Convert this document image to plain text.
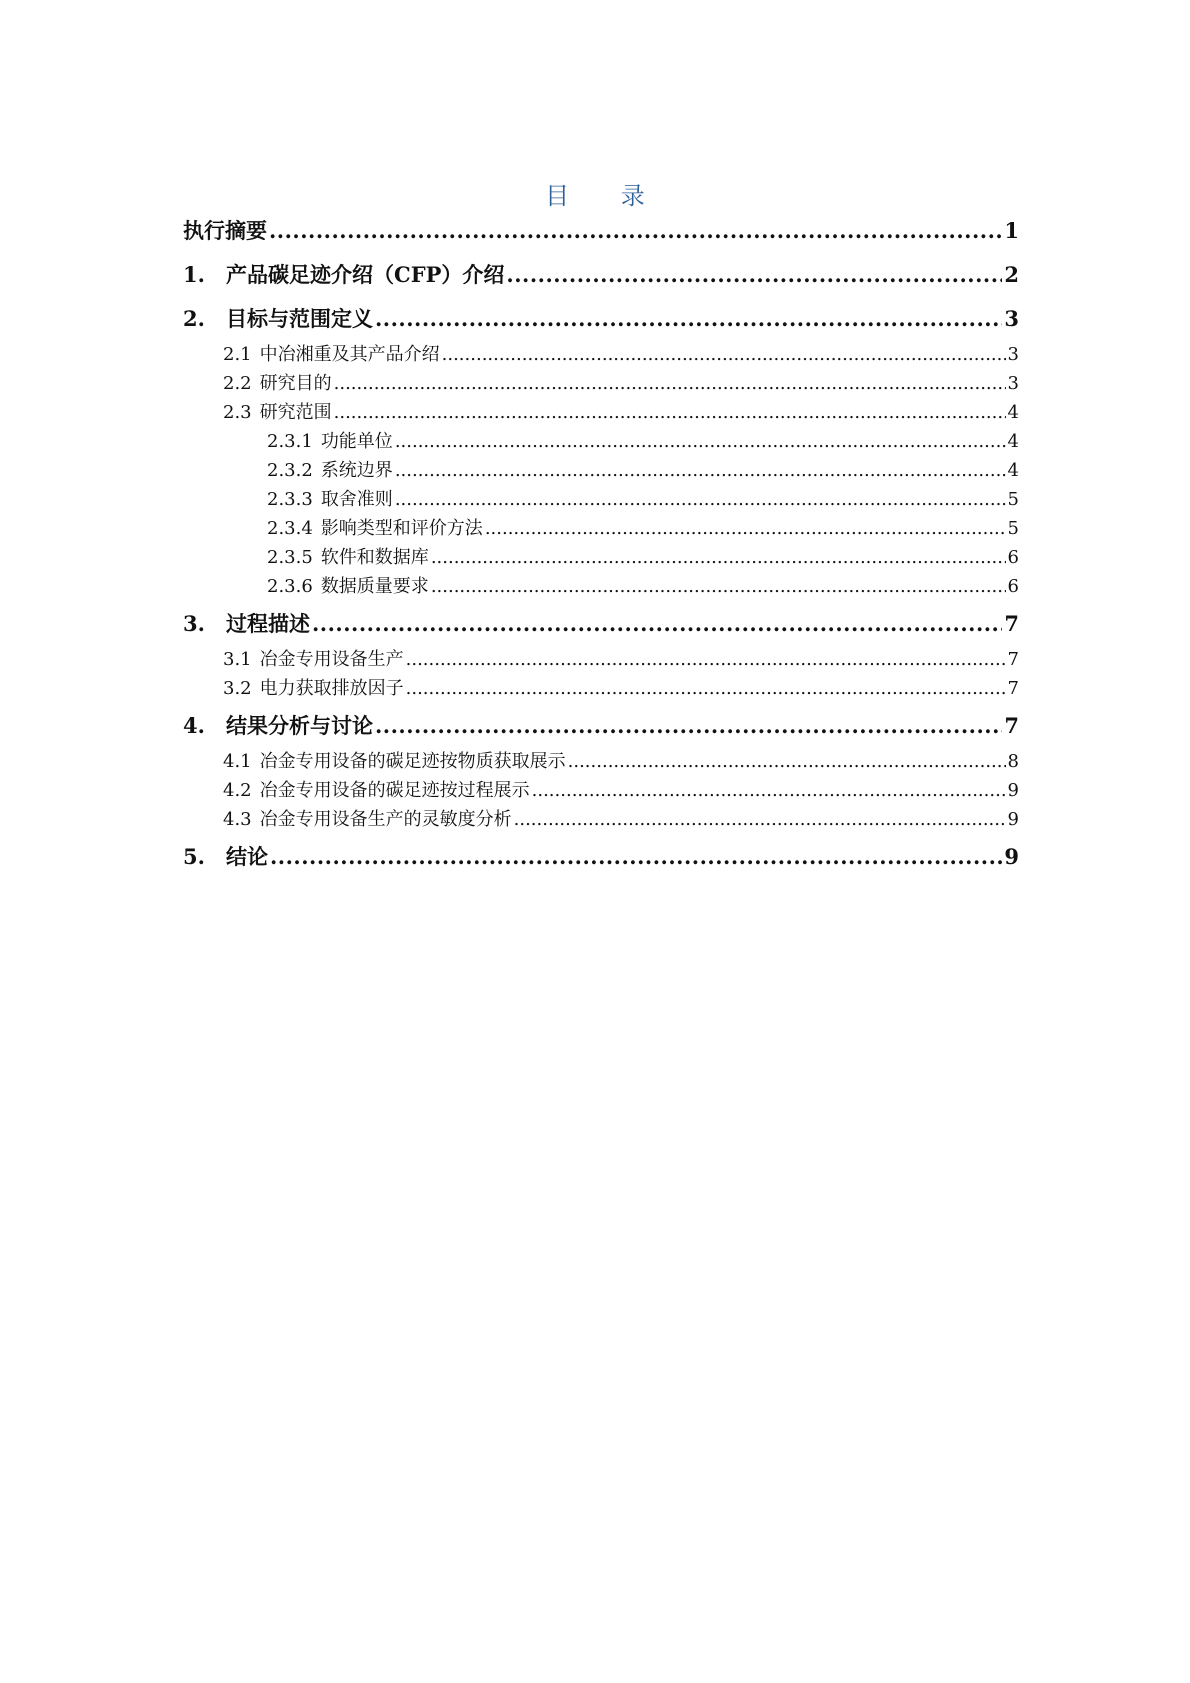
目 录
执行摘要 .....	1
1.	产品碳足迹介绍（CFP）介绍 .....	2
2.	目标与范围定义 .....	3
2.1 中冶湘重及其产品介绍 .....	3
2.2 研究目的 .....	3
2.3 研究范围 .....	4
2.3.1 功能单位 .....	4
2.3.2 系统边界 .....	4
2.3.3 取舍准则 .....	5
2.3.4 影响类型和评价方法 .....	5
2.3.5 软件和数据库 .....	6
2.3.6 数据质量要求 .....	6
3.	过程描述 .....	7
3.1 冶金专用设备生产 .....	7
3.2 电力获取排放因子 .....	7
4.	结果分析与讨论 .....	7
4.1 冶金专用设备的碳足迹按物质获取展示 .....	8
4.2 冶金专用设备的碳足迹按过程展示 .....	9
4.3 冶金专用设备生产的灵敏度分析 .....	9
5.	结论 .....	9
